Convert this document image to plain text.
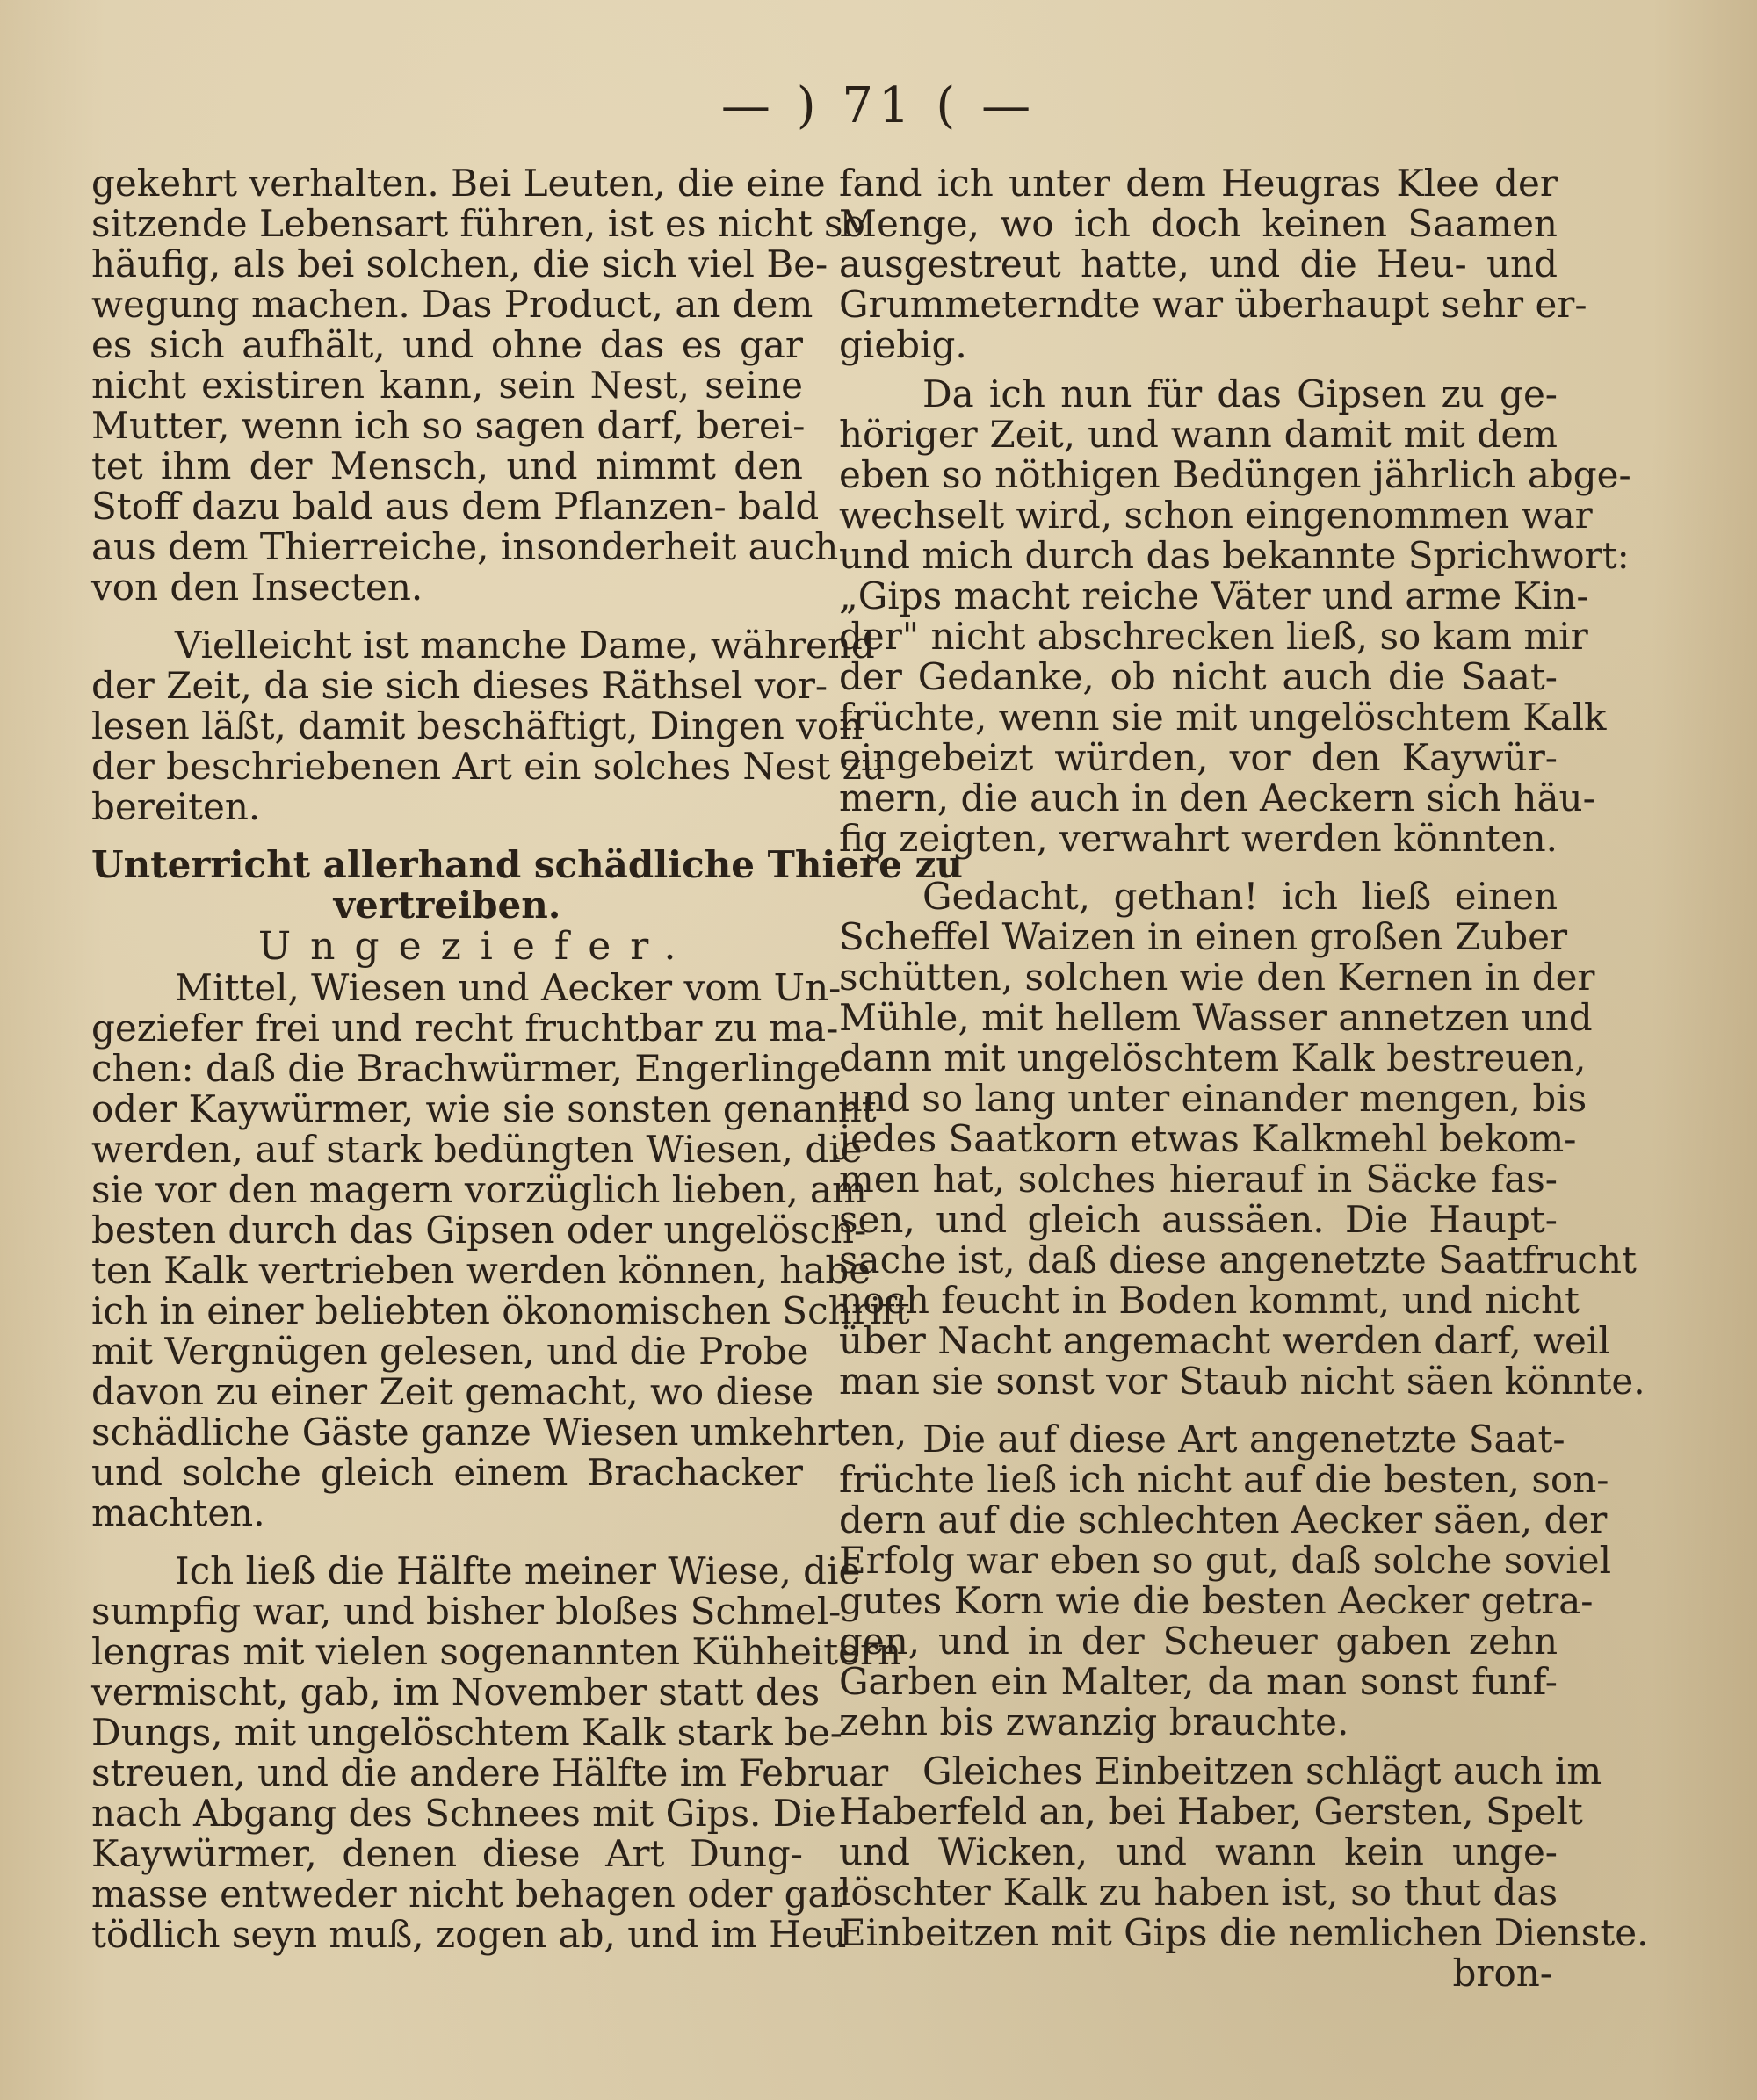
— ) 71 ( —
gekehrt verhalten. Bei Leuten, die eine
sitzende Lebensart führen, ist es nicht so
häufig, als bei solchen, die sich viel Be-
wegung machen. Das Product, an dem
es sich aufhält, und ohne das es gar
nicht existiren kann, sein Nest, seine
Mutter, wenn ich so sagen darf, berei-
tet ihm der Mensch, und nimmt den
Stoff dazu bald aus dem Pflanzen- bald
aus dem Thierreiche, insonderheit auch
von den Insecten.
Vielleicht ist manche Dame, während
der Zeit, da sie sich dieses Räthsel vor-
lesen läßt, damit beschäftigt, Dingen von
der beschriebenen Art ein solches Nest zu
bereiten.
Unterricht allerhand schädliche Thiere zu
vertreiben.
Ungeziefer.
Mittel, Wiesen und Aecker vom Un-
geziefer frei und recht fruchtbar zu ma-
chen: daß die Brachwürmer, Engerlinge
oder Kaywürmer, wie sie sonsten genannt
werden, auf stark bedüngten Wiesen, die
sie vor den magern vorzüglich lieben, am
besten durch das Gipsen oder ungelösch-
ten Kalk vertrieben werden können, habe
ich in einer beliebten ökonomischen Schrift
mit Vergnügen gelesen, und die Probe
davon zu einer Zeit gemacht, wo diese
schädliche Gäste ganze Wiesen umkehrten,
und solche gleich einem Brachacker
machten.
Ich ließ die Hälfte meiner Wiese, die
sumpfig war, und bisher bloßes Schmel-
lengras mit vielen sogenannten Kühheitern
vermischt, gab, im November statt des
Dungs, mit ungelöschtem Kalk stark be-
streuen, und die andere Hälfte im Februar
nach Abgang des Schnees mit Gips. Die
Kaywürmer, denen diese Art Dung-
masse entweder nicht behagen oder gar
tödlich seyn muß, zogen ab, und im Heu
fand ich unter dem Heugras Klee der
Menge, wo ich doch keinen Saamen
ausgestreut hatte, und die Heu- und
Grummeterndte war überhaupt sehr er-
giebig.
Da ich nun für das Gipsen zu ge-
höriger Zeit, und wann damit mit dem
eben so nöthigen Bedüngen jährlich abge-
wechselt wird, schon eingenommen war
und mich durch das bekannte Sprichwort:
„Gips macht reiche Väter und arme Kin-
der" nicht abschrecken ließ, so kam mir
der Gedanke, ob nicht auch die Saat-
früchte, wenn sie mit ungelöschtem Kalk
eingebeizt würden, vor den Kaywür-
mern, die auch in den Aeckern sich häu-
fig zeigten, verwahrt werden könnten.
Gedacht, gethan! ich ließ einen
Scheffel Waizen in einen großen Zuber
schütten, solchen wie den Kernen in der
Mühle, mit hellem Wasser annetzen und
dann mit ungelöschtem Kalk bestreuen,
und so lang unter einander mengen, bis
jedes Saatkorn etwas Kalkmehl bekom-
men hat, solches hierauf in Säcke fas-
sen, und gleich aussäen. Die Haupt-
sache ist, daß diese angenetzte Saatfrucht
noch feucht in Boden kommt, und nicht
über Nacht angemacht werden darf, weil
man sie sonst vor Staub nicht säen könnte.
Die auf diese Art angenetzte Saat-
früchte ließ ich nicht auf die besten, son-
dern auf die schlechten Aecker säen, der
Erfolg war eben so gut, daß solche soviel
gutes Korn wie die besten Aecker getra-
gen, und in der Scheuer gaben zehn
Garben ein Malter, da man sonst funf-
zehn bis zwanzig brauchte.
Gleiches Einbeitzen schlägt auch im
Haberfeld an, bei Haber, Gersten, Spelt
und Wicken, und wann kein unge-
löschter Kalk zu haben ist, so thut das
Einbeitzen mit Gips die nemlichen Dienste.
bron-
